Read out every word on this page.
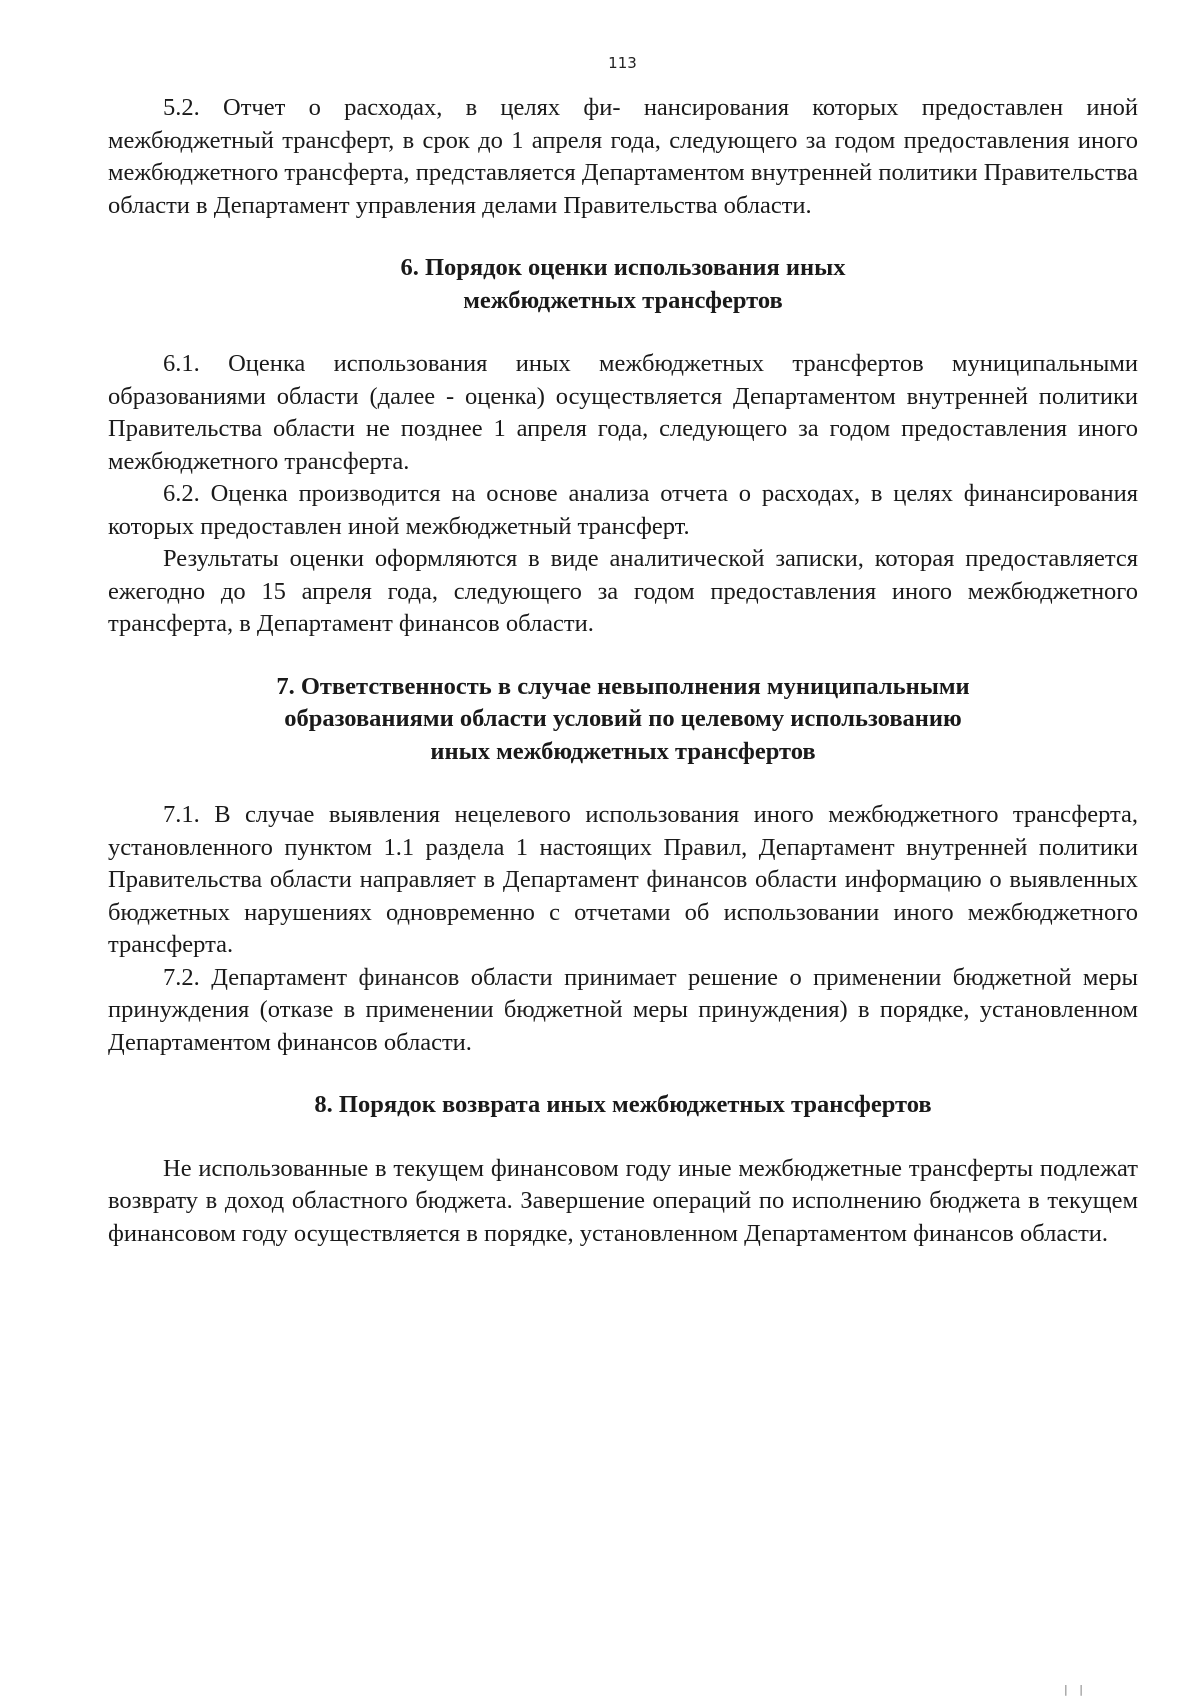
113

5.2. Отчет о расходах, в целях фи- нансирования которых предоставлен иной межбюджетный трансферт, в срок до 1 апреля года, следующего за годом предоставления иного межбюджетного трансферта, представляется Департаментом внутренней политики Правительства области в Департамент управления делами Правительства области.

6. Порядок оценки использования иных
межбюджетных трансфертов

6.1. Оценка использования иных межбюджетных трансфертов муниципальными образованиями области (далее - оценка) осуществляется Департаментом внутренней политики Правительства области не позднее 1 апреля года, следующего за годом предоставления иного межбюджетного трансферта.

6.2. Оценка производится на основе анализа отчета о расходах, в целях финансирования которых предоставлен иной межбюджетный трансферт.

Результаты оценки оформляются в виде аналитической записки, которая предоставляется ежегодно до 15 апреля года, следующего за годом предоставления иного межбюджетного трансферта, в Департамент финансов области.

7. Ответственность в случае невыполнения муниципальными
образованиями области условий по целевому использованию
иных межбюджетных трансфертов

7.1. В случае выявления нецелевого использования иного межбюджетного трансферта, установленного пунктом 1.1 раздела 1 настоящих Правил, Департамент внутренней политики Правительства области направляет в Департамент финансов области информацию о выявленных бюджетных нарушениях одновременно с отчетами об использовании иного межбюджетного трансферта.

7.2. Департамент финансов области принимает решение о применении бюджетной меры принуждения (отказе в применении бюджетной меры принуждения) в порядке, установленном Департаментом финансов области.

8. Порядок возврата иных межбюджетных трансфертов

Не использованные в текущем финансовом году иные межбюджетные трансферты подлежат возврату в доход областного бюджета. Завершение операций по исполнению бюджета в текущем финансовом году осуществляется в порядке, установленном Департаментом финансов области.

| |
